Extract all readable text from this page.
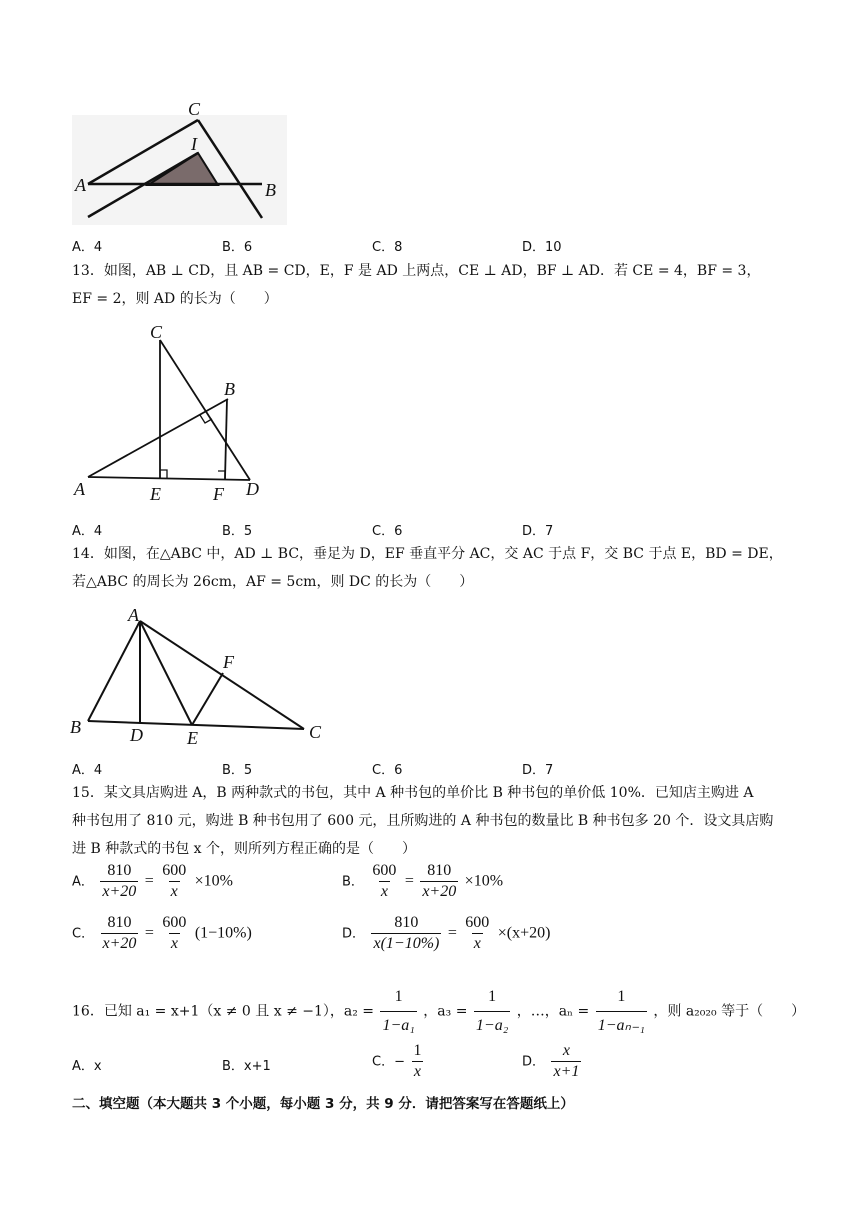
C
I
A	B
A．4	B．6	C．8	D．10
13．如图，AB ⊥ CD，且 AB = CD，E，F 是 AD 上两点，CE ⊥ AD，BF ⊥ AD．若 CE = 4，BF = 3，
EF = 2，则 AD 的长为（　　）
C
B
A	E	F D
A．4	B．5	C．6	D．7
14．如图，在△ABC 中，AD ⊥ BC，垂足为 D，EF 垂直平分 AC，交 AC 于点 F，交 BC 于点 E，BD = DE，
若△ABC 的周长为 26cm，AF = 5cm，则 DC 的长为（　　）
A
F
B	D E	C
A．4	B．5	C．6	D．7
15．某文具店购进 A，B 两种款式的书包，其中 A 种书包的单价比 B 种书包的单价低 10%．已知店主购进 A
种书包用了 810 元，购进 B 种书包用了 600 元，且所购进的 A 种书包的数量比 B 种书包多 20 个．设文具店购
进 B 种款式的书包 x 个，则所列方程正确的是（　　）
A． $\frac{810}{x+20} = \frac{600}{x} \times 10\%$	B． $\frac{600}{x} = \frac{810}{x+20} \times 10\%$
C． $\frac{810}{x+20} = \frac{600}{x} (1-10\%)$	D． $\frac{810}{x(1-10\%)} = \frac{600}{x} \times(x+20)$
16．已知 a₁ = x+1（x ≠ 0 且 x ≠ −1），$a_2 = \frac{1}{\text{1−a₁}}$ ，$a_3 = \frac{1}{\text{1−a₂}}$ ，…，$a_n = \frac{1}{\text{1−aₙ₋₁}}$ ，则 a₂₀₂₀ 等于（　　）
A．x	B．x+1	C．− $\frac{1}{x}$	D． $\frac{x}{x+1}$
二、填空题（本大题共 3 个小题，每小题 3 分，共 9 分．请把答案写在答题纸上）
